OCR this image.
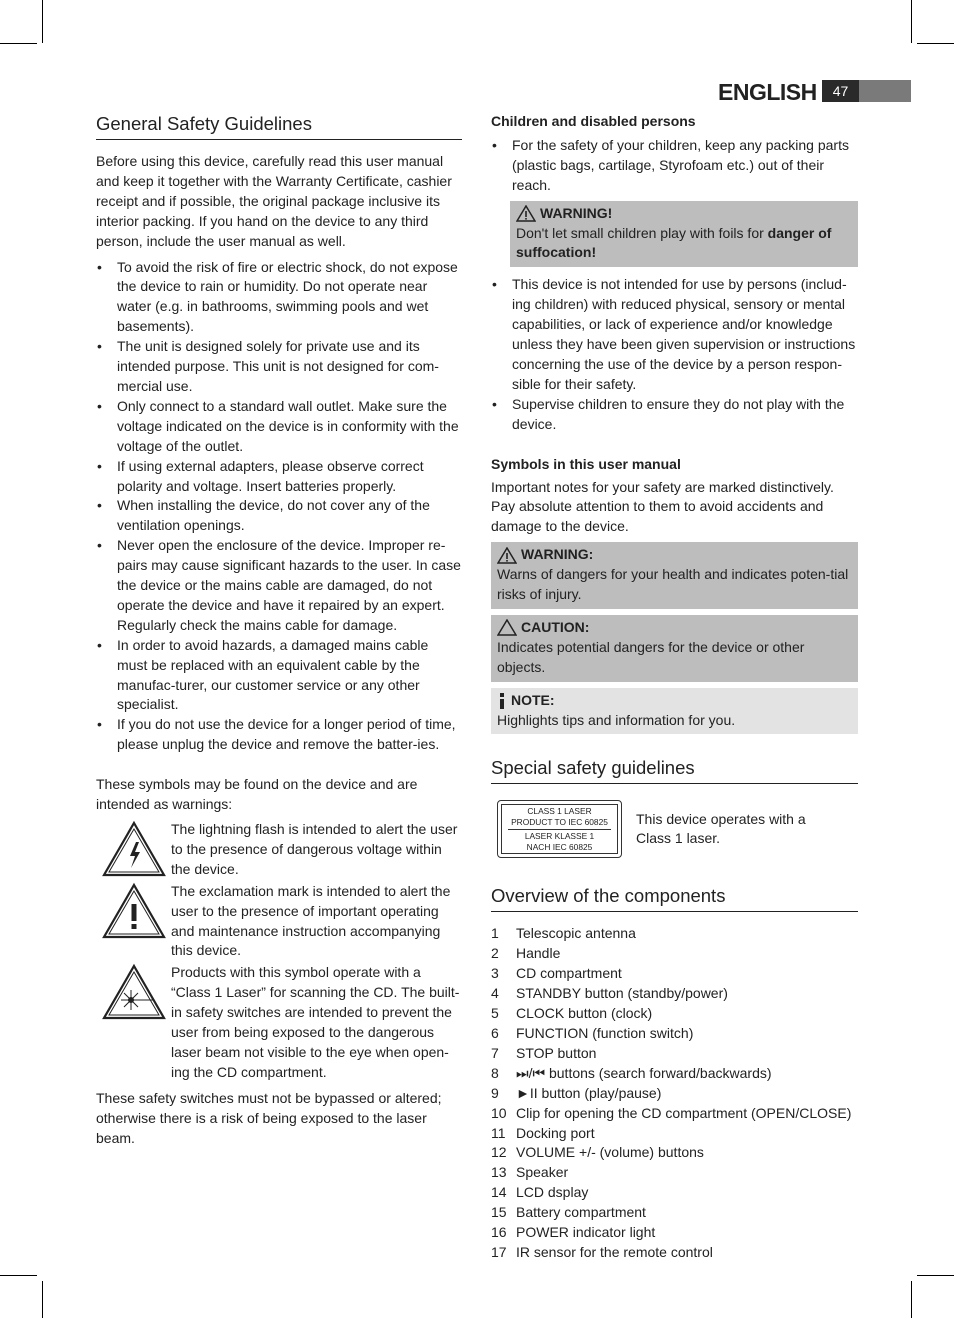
ENGLISH	47
General Safety Guidelines

Before using this device, carefully read this user manual and keep it together with the Warranty Certificate, cashier receipt and if possible, the original package inclusive its interior packing. If you hand on the device to any third person, include the user manual as well.

• To avoid the risk of fire or electric shock, do not expose the device to rain or humidity. Do not operate near water (e.g. in bathrooms, swimming pools and wet basements).
• The unit is designed solely for private use and its intended purpose. This unit is not designed for com-mercial use.
• Only connect to a standard wall outlet. Make sure the voltage indicated on the device is in conformity with the voltage of the outlet.
• If using external adapters, please observe correct polarity and voltage. Insert batteries properly.
• When installing the device, do not cover any of the ventilation openings.
• Never open the enclosure of the device. Improper re-pairs may cause significant hazards to the user. In case the device or the mains cable are damaged, do not operate the device and have it repaired by an expert. Regularly check the mains cable for damage.
• In order to avoid hazards, a damaged mains cable must be replaced with an equivalent cable by the manufac-turer, our customer service or any other specialist.
• If you do not use the device for a longer period of time, please unplug the device and remove the batter-ies.

These symbols may be found on the device and are intended as warnings:

The lightning flash is intended to alert the user to the presence of dangerous voltage within the device.
The exclamation mark is intended to alert the user to the presence of important operating and maintenance instruction accompanying this device.
Products with this symbol operate with a “Class 1 Laser” for scanning the CD. The built-in safety switches are intended to prevent the user from being exposed to the dangerous laser beam not visible to the eye when open-ing the CD compartment.

These safety switches must not be bypassed or altered; otherwise there is a risk of being exposed to the laser beam.

Children and disabled persons
• For the safety of your children, keep any packing parts (plastic bags, cartilage, Styrofoam etc.) out of their reach.
WARNING!
Don't let small children play with foils for danger of suffocation!
• This device is not intended for use by persons (includ-ing children) with reduced physical, sensory or mental capabilities, or lack of experience and/or knowledge unless they have been given supervision or instructions concerning the use of the device by a person respon-sible for their safety.
• Supervise children to ensure they do not play with the device.
Symbols in this user manual

Important notes for your safety are marked distinctively. Pay absolute attention to them to avoid accidents and damage to the device.

WARNING:
Warns of dangers for your health and indicates poten-tial risks of injury.
CAUTION:
Indicates potential dangers for the device or other objects.
NOTE:
Highlights tips and information for you.
Special safety guidelines
CLASS 1 LASER
PRODUCT TO IEC 60825
LASER KLASSE 1
NACH IEC 60825
This device operates with a Class 1 laser.
Overview of the components
1	Telescopic antenna
2	Handle
3	CD compartment
4	STANDBY button (standby/power)
5	CLOCK button (clock)
6	FUNCTION (function switch)
7	STOP button
8	⏭/⏮ buttons (search forward/backwards)
9	►II button (play/pause)
10 Clip for opening the CD compartment (OPEN/CLOSE)
11 Docking port
12 VOLUME +/- (volume) buttons
13 Speaker
14 LCD dsplay
15 Battery compartment
16 POWER indicator light
17 IR sensor for the remote control
